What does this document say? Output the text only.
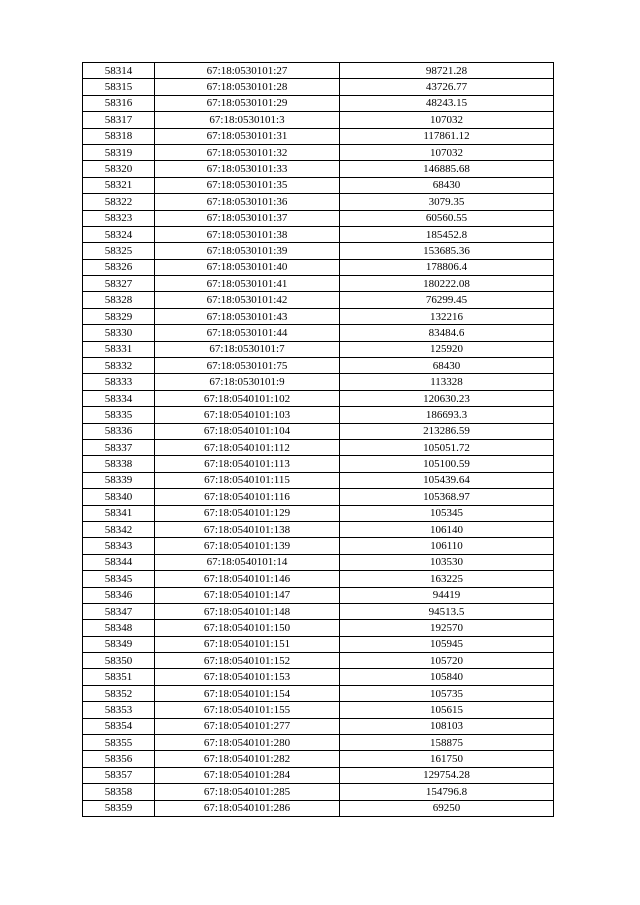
58314	67:18:0530101:27	98721.28
58315	67:18:0530101:28	43726.77
58316	67:18:0530101:29	48243.15
58317	67:18:0530101:3	107032
58318	67:18:0530101:31	117861.12
58319	67:18:0530101:32	107032
58320	67:18:0530101:33	146885.68
58321	67:18:0530101:35	68430
58322	67:18:0530101:36	3079.35
58323	67:18:0530101:37	60560.55
58324	67:18:0530101:38	185452.8
58325	67:18:0530101:39	153685.36
58326	67:18:0530101:40	178806.4
58327	67:18:0530101:41	180222.08
58328	67:18:0530101:42	76299.45
58329	67:18:0530101:43	132216
58330	67:18:0530101:44	83484.6
58331	67:18:0530101:7	125920
58332	67:18:0530101:75	68430
58333	67:18:0530101:9	113328
58334	67:18:0540101:102	120630.23
58335	67:18:0540101:103	186693.3
58336	67:18:0540101:104	213286.59
58337	67:18:0540101:112	105051.72
58338	67:18:0540101:113	105100.59
58339	67:18:0540101:115	105439.64
58340	67:18:0540101:116	105368.97
58341	67:18:0540101:129	105345
58342	67:18:0540101:138	106140
58343	67:18:0540101:139	106110
58344	67:18:0540101:14	103530
58345	67:18:0540101:146	163225
58346	67:18:0540101:147	94419
58347	67:18:0540101:148	94513.5
58348	67:18:0540101:150	192570
58349	67:18:0540101:151	105945
58350	67:18:0540101:152	105720
58351	67:18:0540101:153	105840
58352	67:18:0540101:154	105735
58353	67:18:0540101:155	105615
58354	67:18:0540101:277	108103
58355	67:18:0540101:280	158875
58356	67:18:0540101:282	161750
58357	67:18:0540101:284	129754.28
58358	67:18:0540101:285	154796.8
58359	67:18:0540101:286	69250
